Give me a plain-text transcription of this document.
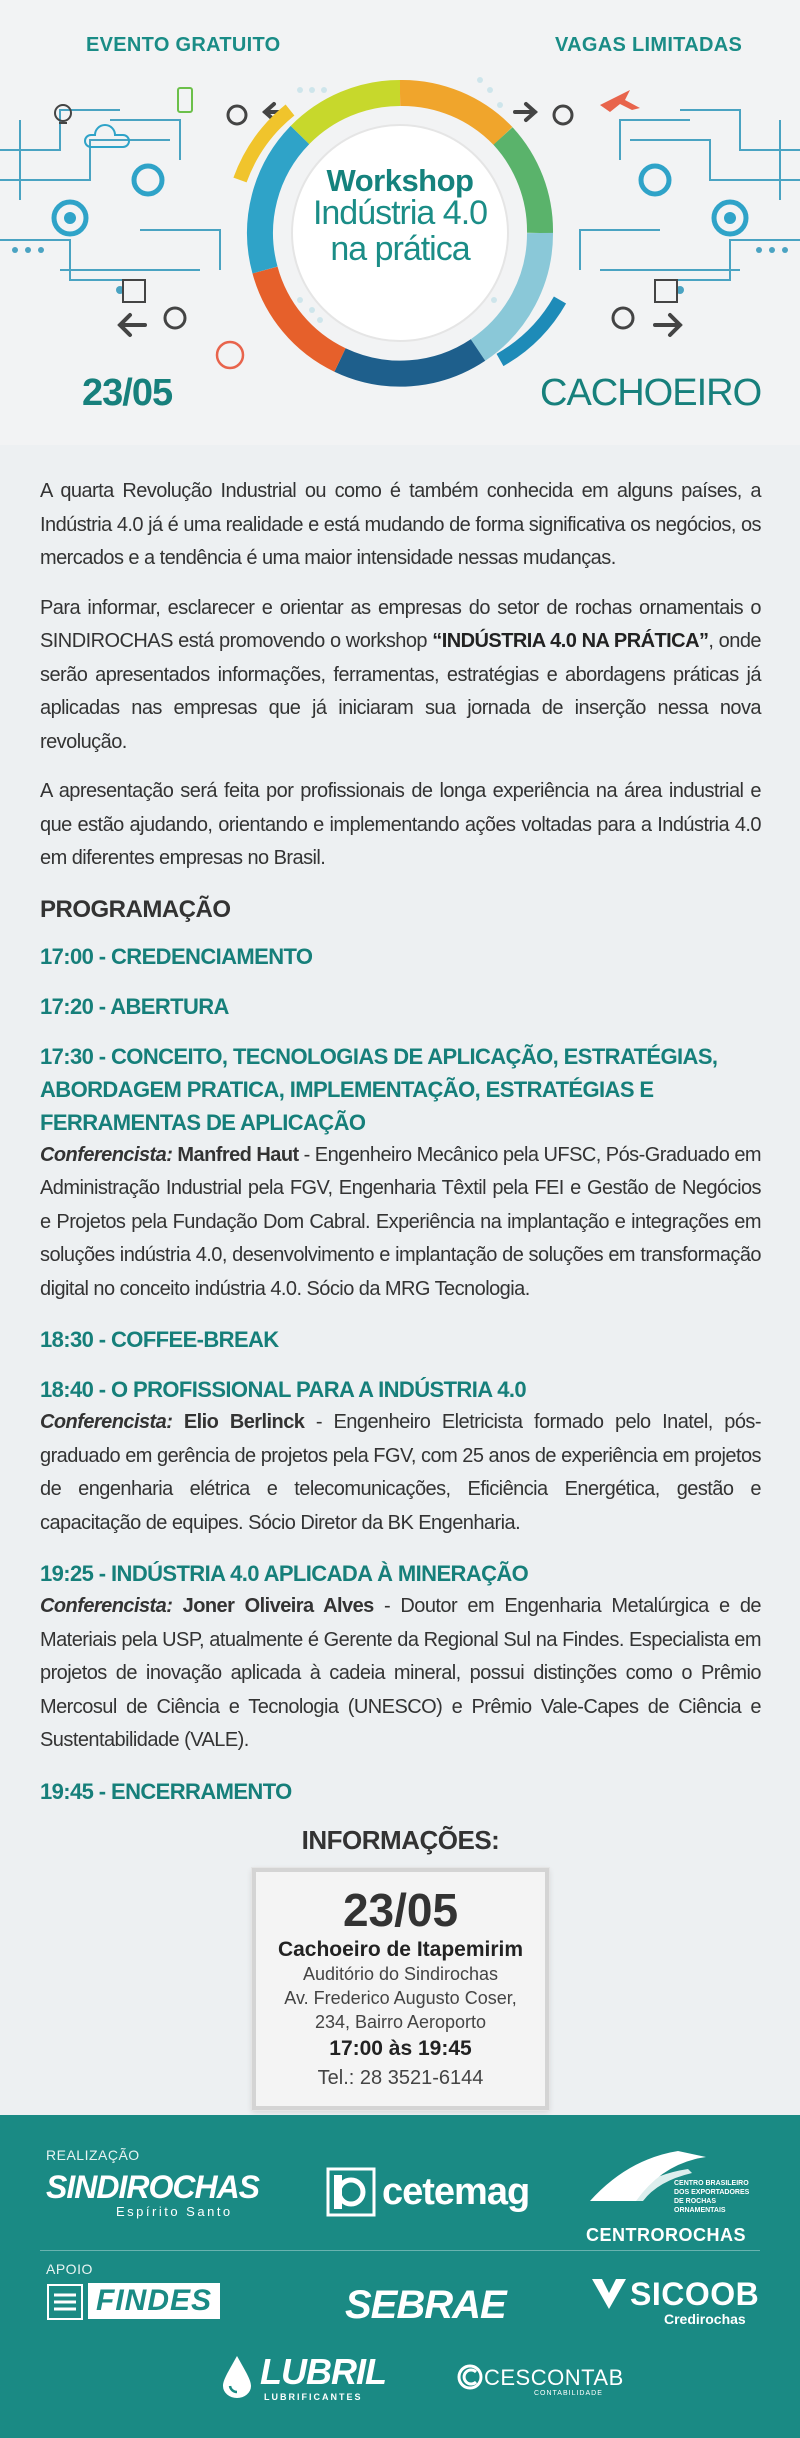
EVENTO GRATUITO	VAGAS LIMITADAS
Workshop
Indústria 4.0
na prática
23/05	CACHOEIRO

A quarta Revolução Industrial ou como é também conhecida em alguns países, a Indústria 4.0 já é uma realidade e está mudando de forma significativa os negócios, os mercados e a tendência é uma maior intensidade nessas mudanças.

Para informar, esclarecer e orientar as empresas do setor de rochas ornamentais o SINDIROCHAS está promovendo o workshop “INDÚSTRIA 4.0 NA PRÁTICA”, onde serão apresentados informações, ferramentas, estratégias e abordagens práticas já aplicadas nas empresas que já iniciaram sua jornada de inserção nessa nova revolução.

A apresentação será feita por profissionais de longa experiência na área industrial e que estão ajudando, orientando e implementando ações voltadas para a Indústria 4.0 em diferentes empresas no Brasil.

PROGRAMAÇÃO
17:00 - CREDENCIAMENTO
17:20 - ABERTURA
17:30 - CONCEITO, TECNOLOGIAS DE APLICAÇÃO, ESTRATÉGIAS, ABORDAGEM PRATICA, IMPLEMENTAÇÃO, ESTRATÉGIAS E FERRAMENTAS DE APLICAÇÃO
Conferencista: Manfred Haut - Engenheiro Mecânico pela UFSC, Pós-Graduado em Administração Industrial pela FGV, Engenharia Têxtil pela FEI e Gestão de Negócios e Projetos pela Fundação Dom Cabral. Experiência na implantação e integrações em soluções indústria 4.0, desenvolvimento e implantação de soluções em transformação digital no conceito indústria 4.0. Sócio da MRG Tecnologia.
18:30 - COFFEE-BREAK
18:40 - O PROFISSIONAL PARA A INDÚSTRIA 4.0
Conferencista: Elio Berlinck - Engenheiro Eletricista formado pelo Inatel, pós-graduado em gerência de projetos pela FGV, com 25 anos de experiência em projetos de engenharia elétrica e telecomunicações, Eficiência Energética, gestão e capacitação de equipes. Sócio Diretor da BK Engenharia.
19:25 - INDÚSTRIA 4.0 APLICADA À MINERAÇÃO
Conferencista: Joner Oliveira Alves - Doutor em Engenharia Metalúrgica e de Materiais pela USP, atualmente é Gerente da Regional Sul na Findes. Especialista em projetos de inovação aplicada à cadeia mineral, possui distinções como o Prêmio Mercosul de Ciência e Tecnologia (UNESCO) e Prêmio Vale-Capes de Ciência e Sustentabilidade (VALE).
19:45 - ENCERRAMENTO
INFORMAÇÕES:
23/05
Cachoeiro de Itapemirim
Auditório do Sindirochas
Av. Frederico Augusto Coser,
234, Bairro Aeroporto
17:00 às 19:45
Tel.: 28 3521-6144
REALIZAÇÃO
SINDIROCHAS
Espírito Santo	cetemag	CENTRO BRASILEIRO DOS EXPORTADORES DE ROCHAS ORNAMENTAIS
CENTROROCHAS
APOIO
FINDES	SEBRAE	SICOOB
Credirochas
LUBRIL
LUBRIFICANTES
CESCONTAB
CONTABILIDADE
